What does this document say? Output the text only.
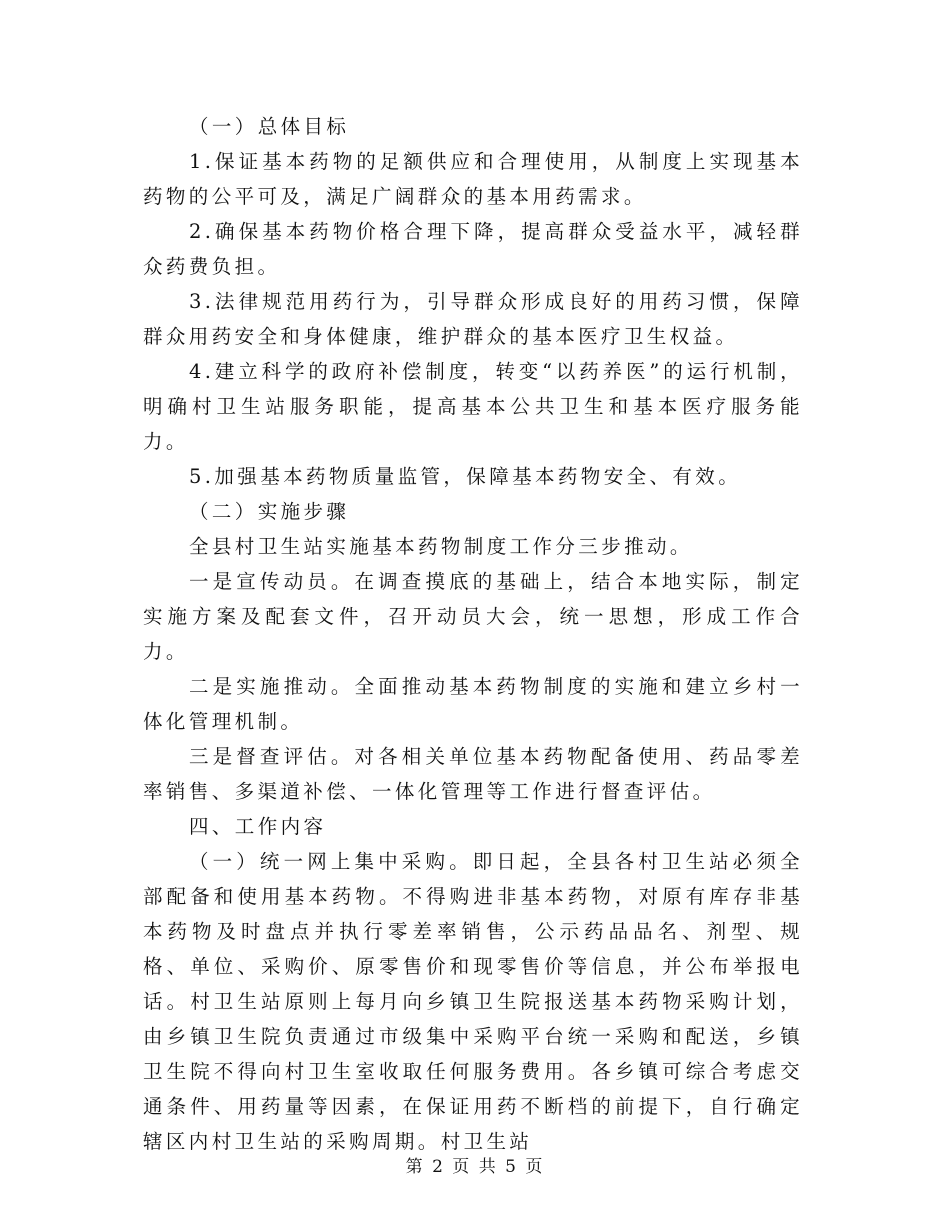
（一）总体目标

1.保证基本药物的足额供应和合理使用，从制度上实现基本药物的公平可及，满足广阔群众的基本用药需求。

2.确保基本药物价格合理下降，提高群众受益水平，减轻群众药费负担。

3.法律规范用药行为，引导群众形成良好的用药习惯，保障群众用药安全和身体健康，维护群众的基本医疗卫生权益。

4.建立科学的政府补偿制度，转变“以药养医”的运行机制，明确村卫生站服务职能，提高基本公共卫生和基本医疗服务能力。

5.加强基本药物质量监管，保障基本药物安全、有效。

（二）实施步骤

全县村卫生站实施基本药物制度工作分三步推动。

一是宣传动员。在调查摸底的基础上，结合本地实际，制定实施方案及配套文件，召开动员大会，统一思想，形成工作合力。

二是实施推动。全面推动基本药物制度的实施和建立乡村一体化管理机制。

三是督查评估。对各相关单位基本药物配备使用、药品零差率销售、多渠道补偿、一体化管理等工作进行督查评估。

四、工作内容

（一）统一网上集中采购。即日起，全县各村卫生站必须全部配备和使用基本药物。不得购进非基本药物，对原有库存非基本药物及时盘点并执行零差率销售，公示药品品名、剂型、规格、单位、采购价、原零售价和现零售价等信息，并公布举报电话。村卫生站原则上每月向乡镇卫生院报送基本药物采购计划，由乡镇卫生院负责通过市级集中采购平台统一采购和配送，乡镇卫生院不得向村卫生室收取任何服务费用。各乡镇可综合考虑交通条件、用药量等因素，在保证用药不断档的前提下，自行确定辖区内村卫生站的采购周期。村卫生站

第 2 页 共 5 页
